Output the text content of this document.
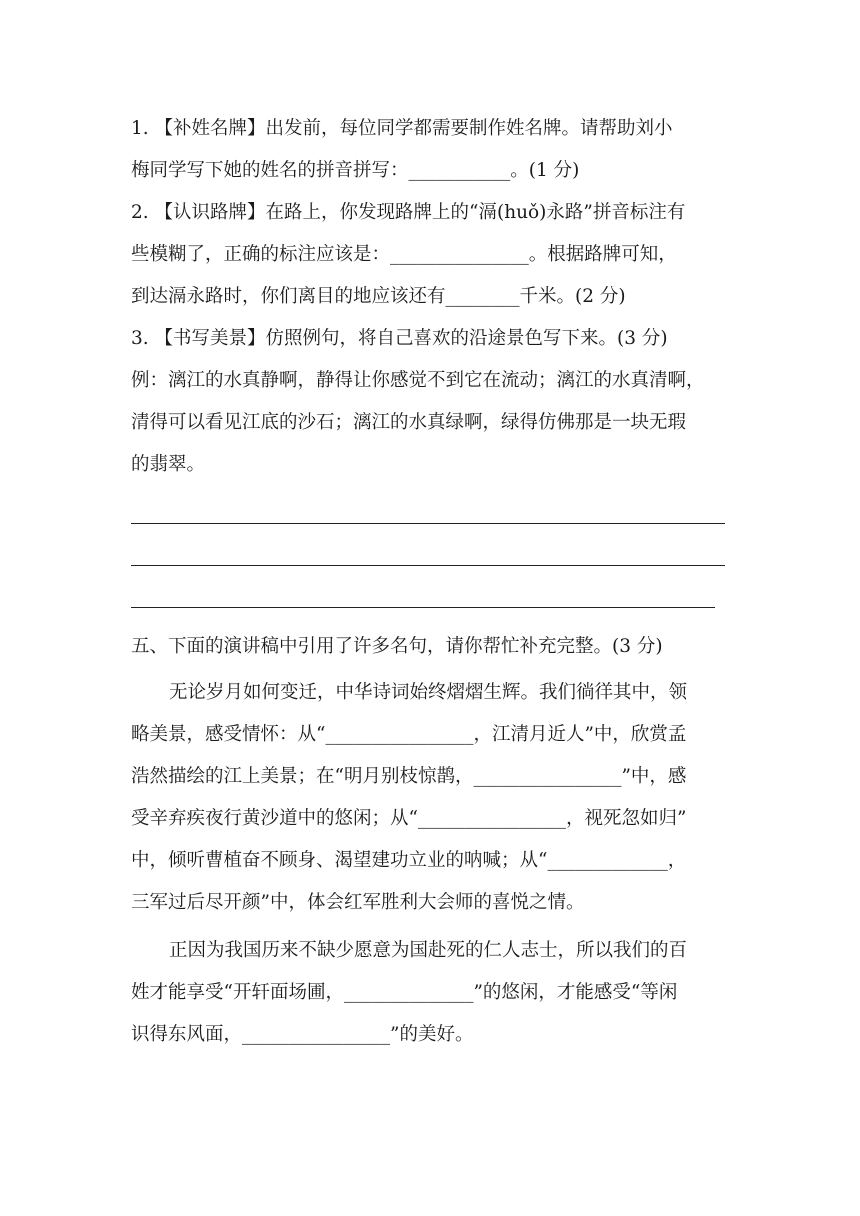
1. 【补姓名牌】出发前，每位同学都需要制作姓名牌。请帮助刘小
梅同学写下她的姓名的拼音拼写：___________。(1 分)
2. 【认识路牌】在路上，你发现路牌上的“滆(huǒ)永路”拼音标注有
些模糊了，正确的标注应该是：_______________。根据路牌可知，
到达滆永路时，你们离目的地应该还有________千米。(2 分)
3. 【书写美景】仿照例句，将自己喜欢的沿途景色写下来。(3 分)
例：漓江的水真静啊，静得让你感觉不到它在流动；漓江的水真清啊，
清得可以看见江底的沙石；漓江的水真绿啊，绿得仿佛那是一块无瑕
的翡翠。
五、下面的演讲稿中引用了许多名句，请你帮忙补充完整。(3 分)
无论岁月如何变迁，中华诗词始终熠熠生辉。我们徜徉其中，领
略美景，感受情怀：从“________________，江清月近人”中，欣赏孟
浩然描绘的江上美景；在“明月别枝惊鹊，________________”中，感
受辛弃疾夜行黄沙道中的悠闲；从“________________，视死忽如归”
中，倾听曹植奋不顾身、渴望建功立业的呐喊；从“_____________，
三军过后尽开颜”中，体会红军胜利大会师的喜悦之情。
正因为我国历来不缺少愿意为国赴死的仁人志士，所以我们的百
姓才能享受“开轩面场圃，______________”的悠闲，才能感受“等闲
识得东风面，________________”的美好。
